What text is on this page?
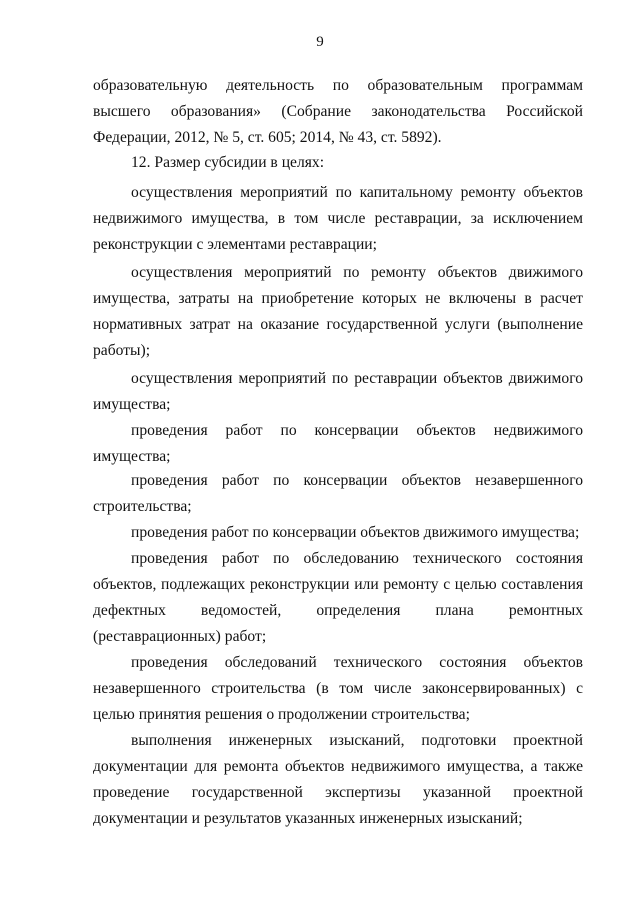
9
образовательную деятельность по образовательным программам высшего образования» (Собрание законодательства Российской Федерации, 2012, № 5, ст. 605; 2014, № 43, ст. 5892).
12. Размер субсидии в целях:
осуществления мероприятий по капитальному ремонту объектов недвижимого имущества, в том числе реставрации, за исключением реконструкции с элементами реставрации;
осуществления мероприятий по ремонту объектов движимого имущества, затраты на приобретение которых не включены в расчет нормативных затрат на оказание государственной услуги (выполнение работы);
осуществления мероприятий по реставрации объектов движимого имущества;
проведения работ по консервации объектов недвижимого имущества;
проведения работ по консервации объектов незавершенного строительства;
проведения работ по консервации объектов движимого имущества;
проведения работ по обследованию технического состояния объектов, подлежащих реконструкции или ремонту с целью составления дефектных ведомостей, определения плана ремонтных (реставрационных) работ;
проведения обследований технического состояния объектов незавершенного строительства (в том числе законсервированных) с целью принятия решения о продолжении строительства;
выполнения инженерных изысканий, подготовки проектной документации для ремонта объектов недвижимого имущества, а также проведение государственной экспертизы указанной проектной документации и результатов указанных инженерных изысканий;
